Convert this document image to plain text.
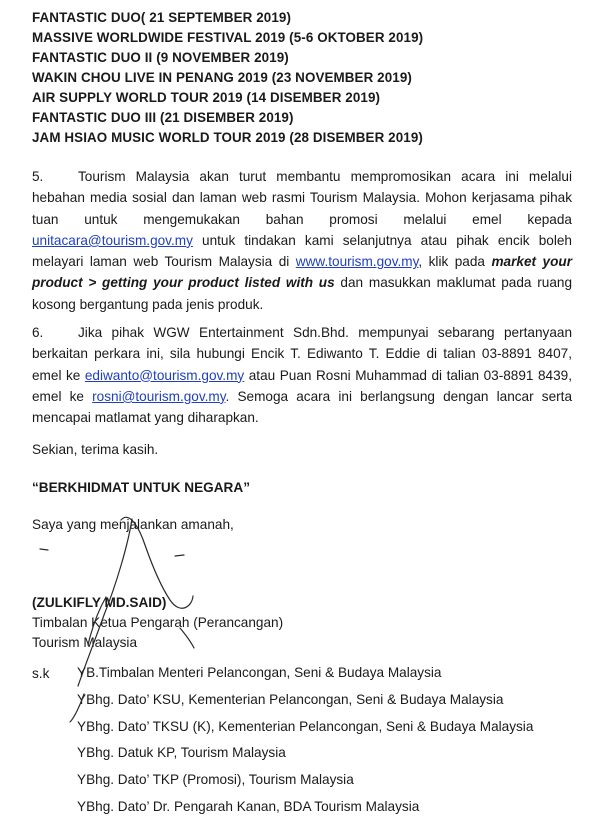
FANTASTIC DUO( 21 SEPTEMBER 2019)
MASSIVE WORLDWIDE FESTIVAL 2019 (5-6 OKTOBER 2019)
FANTASTIC DUO II (9 NOVEMBER 2019)
WAKIN CHOU LIVE IN PENANG 2019 (23 NOVEMBER 2019)
AIR SUPPLY WORLD TOUR 2019 (14 DISEMBER 2019)
FANTASTIC DUO III (21 DISEMBER 2019)
JAM HSIAO MUSIC WORLD TOUR 2019 (28 DISEMBER 2019)
5.	Tourism Malaysia akan turut membantu mempromosikan acara ini melalui hebahan media sosial dan laman web rasmi Tourism Malaysia. Mohon kerjasama pihak tuan untuk mengemukakan bahan promosi melalui emel kepada unitacara@tourism.gov.my untuk tindakan kami selanjutnya atau pihak encik boleh melayari laman web Tourism Malaysia di www.tourism.gov.my, klik pada market your product > getting your product listed with us dan masukkan maklumat pada ruang kosong bergantung pada jenis produk.
6.	Jika pihak WGW Entertainment Sdn.Bhd. mempunyai sebarang pertanyaan berkaitan perkara ini, sila hubungi Encik T. Ediwanto T. Eddie di talian 03-8891 8407, emel ke ediwanto@tourism.gov.my atau Puan Rosni Muhammad di talian 03-8891 8439, emel ke rosni@tourism.gov.my. Semoga acara ini berlangsung dengan lancar serta mencapai matlamat yang diharapkan.
Sekian, terima kasih.
“BERKHIDMAT UNTUK NEGARA”
Saya yang menjalankan amanah,
(ZULKIFLY MD.SAID)
Timbalan Ketua Pengarah (Perancangan)
Tourism Malaysia
s.k YB.Timbalan Menteri Pelancongan, Seni & Budaya Malaysia
YBhg. Dato’ KSU, Kementerian Pelancongan, Seni & Budaya Malaysia
YBhg. Dato’ TKSU (K), Kementerian Pelancongan, Seni & Budaya Malaysia
YBhg. Datuk KP, Tourism Malaysia
YBhg. Dato’ TKP (Promosi), Tourism Malaysia
YBhg. Dato’ Dr. Pengarah Kanan, BDA Tourism Malaysia
